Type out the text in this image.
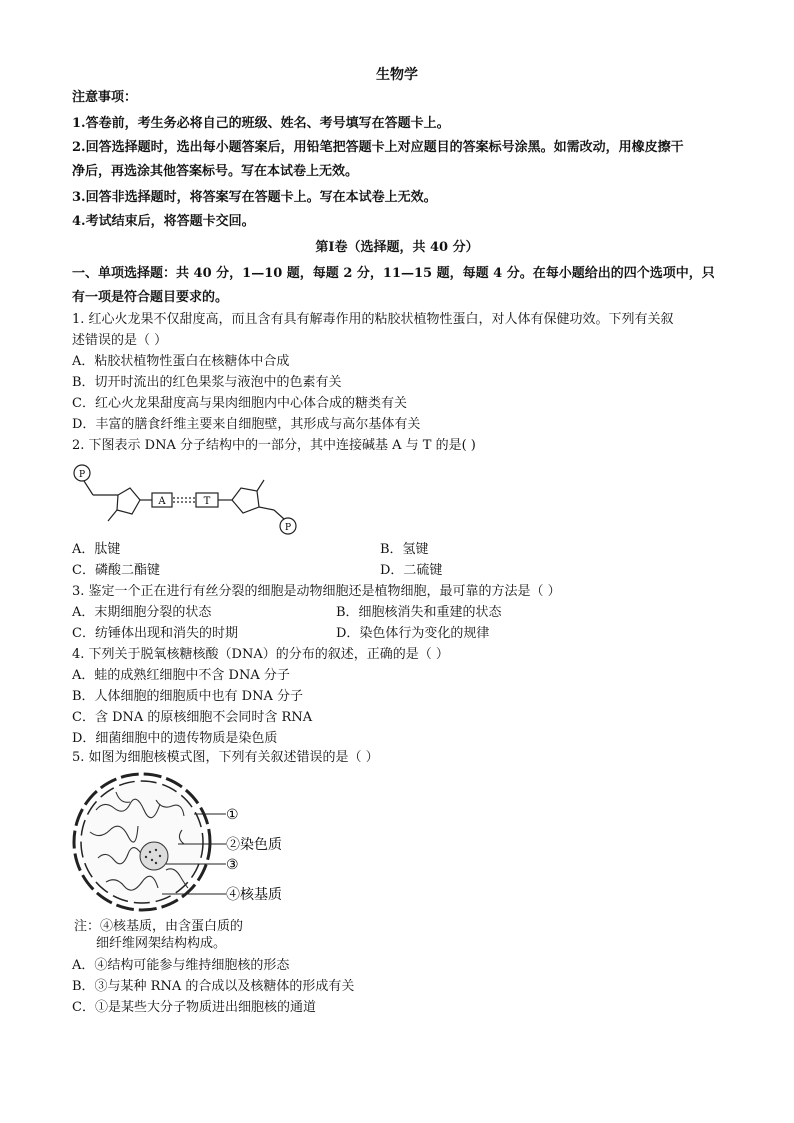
生物学
注意事项：
1.答卷前，考生务必将自己的班级、姓名、考号填写在答题卡上。
2.回答选择题时，选出每小题答案后，用铅笔把答题卡上对应题目的答案标号涂黑。如需改动，用橡皮擦干
净后，再选涂其他答案标号。写在本试卷上无效。
3.回答非选择题时，将答案写在答题卡上。写在本试卷上无效。
4.考试结束后，将答题卡交回。
第Ⅰ卷（选择题，共 40 分）
一、单项选择题：共 40 分，1—10 题，每题 2 分，11—15 题，每题 4 分。在每小题给出的四个选项中，只
有一项是符合题目要求的。
1. 红心火龙果不仅甜度高，而且含有具有解毒作用的粘胶状植物性蛋白，对人体有保健功效。下列有关叙
述错误的是（ ）
A．粘胶状植物性蛋白在核糖体中合成
B．切开时流出的红色果浆与液泡中的色素有关
C．红心火龙果甜度高与果肉细胞内中心体合成的糖类有关
D．丰富的膳食纤维主要来自细胞壁，其形成与高尔基体有关
2. 下图表示 DNA 分子结构中的一部分，其中连接碱基 A 与 T 的是( )
P
P
A	T
A．肽键	B．氢键
C．磷酸二酯键	D．二硫键
3. 鉴定一个正在进行有丝分裂的细胞是动物细胞还是植物细胞，最可靠的方法是（ ）
A．末期细胞分裂的状态	B．细胞核消失和重建的状态
C．纺锤体出现和消失的时期	D．染色体行为变化的规律
4. 下列关于脱氧核糖核酸（DNA）的分布的叙述，正确的是（ ）
A．蛙的成熟红细胞中不含 DNA 分子
B．人体细胞的细胞质中也有 DNA 分子
C．含 DNA 的原核细胞不会同时含 RNA
D．细菌细胞中的遗传物质是染色质
5. 如图为细胞核模式图，下列有关叙述错误的是（ ）
①
②染色质
③
④核基质
注：④核基质，由含蛋白质的
细纤维网架结构构成。
A．④结构可能参与维持细胞核的形态
B．③与某种 RNA 的合成以及核糖体的形成有关
C．①是某些大分子物质进出细胞核的通道
